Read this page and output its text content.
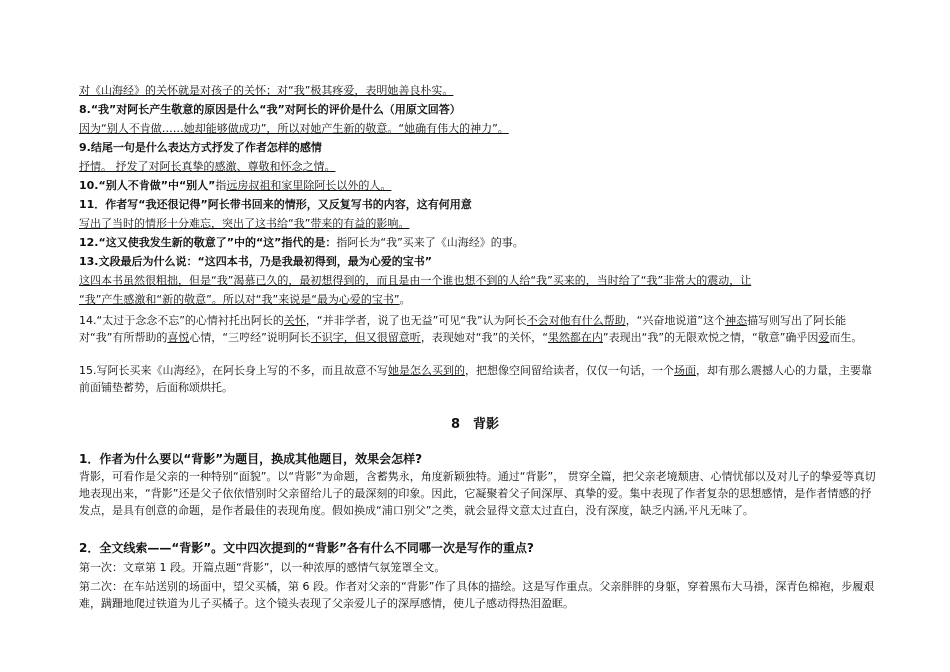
对《山海经》的关怀就是对孩子的关怀；对“我”极其疼爱，表明她善良朴实。
8.“我”对阿长产生敬意的原因是什么“我”对阿长的评价是什么（用原文回答）
因为“别人不肯做……她却能够做成功”，所以对她产生新的敬意。“她确有伟大的神力”。
9.结尾一句是什么表达方式抒发了作者怎样的感情
抒情。 抒发了对阿长真挚的感激、尊敬和怀念之情。
10.“别人不肯做”中“别人”指远房叔祖和家里除阿长以外的人。
11．作者写“我还很记得”阿长带书回来的情形，又反复写书的内容，这有何用意
写出了当时的情形十分难忘，突出了这书给“我”带来的有益的影响。
12.“这又使我发生新的敬意了”中的“这”指代的是：指阿长为“我”买来了《山海经》的事。
13.文段最后为什么说：“这四本书，乃是我最初得到，最为心爱的宝书”
这四本书虽然很粗拙，但是“我”渴慕已久的，最初想得到的，而且是由一个谁也想不到的人给“我”买来的，当时给了“我”非常大的震动，让
“我”产生感激和“新的敬意”。所以对“我”来说是“最为心爱的宝书”。
14.“太过于念念不忘”的心情衬托出阿长的关怀，“并非学者，说了也无益”可见“我”认为阿长不会对他有什么帮助，“兴奋地说道”这个神态描写则写出了阿长能对“我”有所帮助的喜悦心情，“三哼经”说明阿长不识字，但又很留意听，表现她对“我”的关怀，“果然都在内”表现出“我”的无限欢悦之情，“敬意”确乎因爱而生。
15.写阿长买来《山海经》，在阿长身上写的不多，而且故意不写她是怎么买到的，把想像空间留给读者，仅仅一句话，一个场面，却有那么震撼人心的力量，主要靠前面铺垫蓄势，后面称颂烘托。
8　背影
1．作者为什么要以“背影”为题目，换成其他题目，效果会怎样?
背影，可看作是父亲的一种特别“面貌”。以“背影”为命题，含蓄隽永，角度新颖独特。通过“背影”， 贯穿全篇，把父亲老境颓唐、心情忧郁以及对儿子的挚爱等真切地表现出来，“背影”还是父子依依惜别时父亲留给儿子的最深刻的印象。因此，它凝聚着父子间深厚、真挚的爱。集中表现了作者复杂的思想感情，是作者情感的抒发点，是具有创意的命题，是作者最佳的表现角度。假如换成“浦口别父”之类，就会显得文意太过直白，没有深度，缺乏内涵,平凡无味了。
2．全文线索——“背影”。文中四次提到的“背影”各有什么不同哪一次是写作的重点?
第一次：文章第 1 段。开篇点题“背影”，以一种浓厚的感情气氛笼罩全文。
第二次：在车站送别的场面中，望父买橘，第 6 段。作者对父亲的“背影”作了具体的描绘。这是写作重点。父亲胖胖的身躯，穿着黑布大马褂，深青色棉袍，步履艰难，蹒跚地爬过铁道为儿子买橘子。这个镜头表现了父亲爱儿子的深厚感情，使儿子感动得热泪盈眶。
